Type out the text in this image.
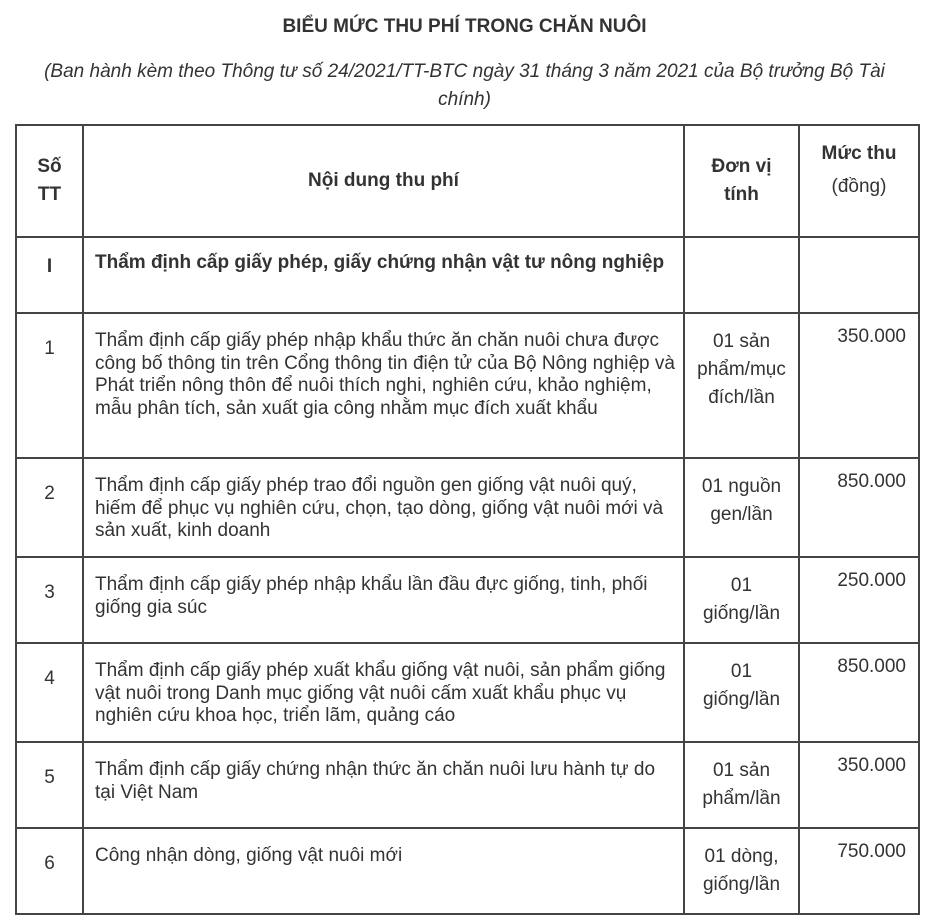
BIỂU MỨC THU PHÍ TRONG CHĂN NUÔI
(Ban hành kèm theo Thông tư số 24/2021/TT-BTC ngày 31 tháng 3 năm 2021 của Bộ trưởng Bộ Tài chính)
Số TT	Nội dung thu phí	Đơn vị tính	Mức thu
(đồng)

I	Thẩm định cấp giấy phép, giấy chứng nhận vật tư nông nghiệp		
1	Thẩm định cấp giấy phép nhập khẩu thức ăn chăn nuôi chưa được công bố thông tin trên Cổng thông tin điện tử của Bộ Nông nghiệp và Phát triển nông thôn để nuôi thích nghi, nghiên cứu, khảo nghiệm, mẫu phân tích, sản xuất gia công nhằm mục đích xuất khẩu	01 sản phẩm/mục đích/lần	350.000
2	Thẩm định cấp giấy phép trao đổi nguồn gen giống vật nuôi quý, hiếm để phục vụ nghiên cứu, chọn, tạo dòng, giống vật nuôi mới và sản xuất, kinh doanh	01 nguồn gen/lần	850.000
3	Thẩm định cấp giấy phép nhập khẩu lần đầu đực giống, tinh, phối giống gia súc	01 giống/lần	250.000
4	Thẩm định cấp giấy phép xuất khẩu giống vật nuôi, sản phẩm giống vật nuôi trong Danh mục giống vật nuôi cấm xuất khẩu phục vụ nghiên cứu khoa học, triển lãm, quảng cáo	01 giống/lần	850.000
5	Thẩm định cấp giấy chứng nhận thức ăn chăn nuôi lưu hành tự do tại Việt Nam	01 sản phẩm/lần	350.000
6	Công nhận dòng, giống vật nuôi mới	01 dòng, giống/lần	750.000
